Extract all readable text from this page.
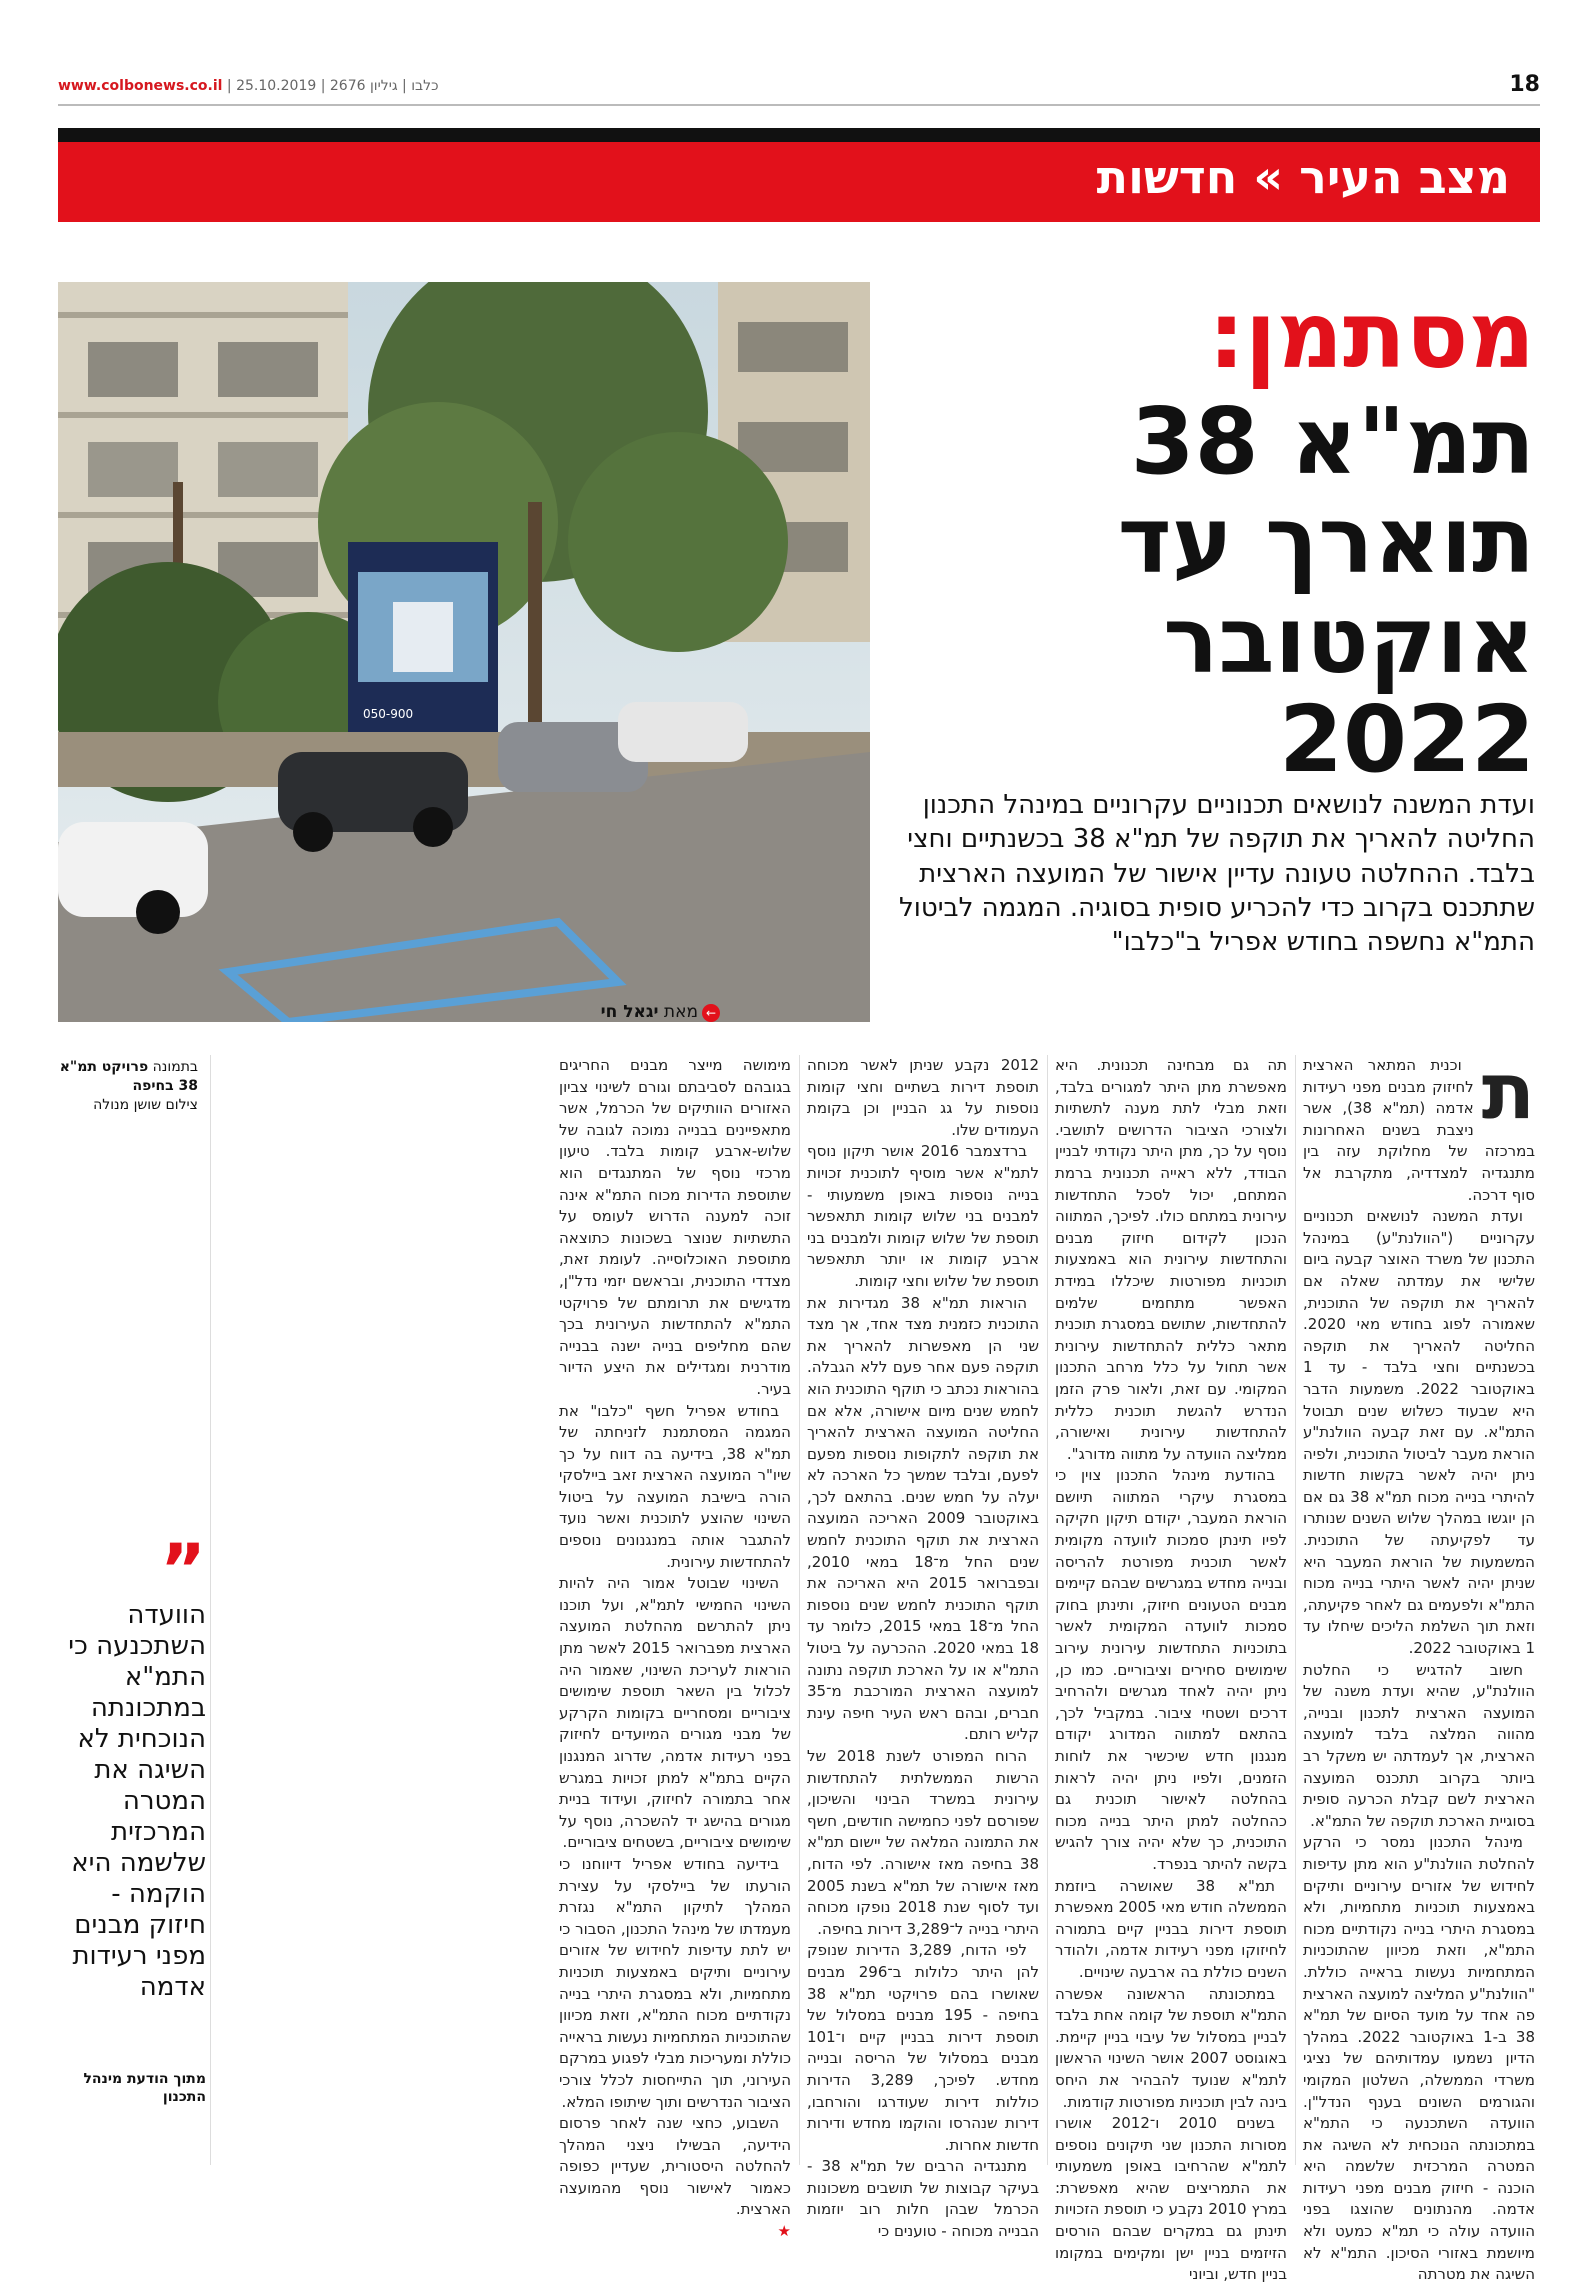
www.colbonews.co.il | כלבו | גיליון 2676 | 25.10.2019	18
מצב העיר » חדשות
050-900
מסתמן:
תמ"א 38
תוארך עד
אוקטובר
2022
ועדת המשנה לנושאים תכנוניים עקרוניים במינהל התכנון החליטה להאריך את תוקפה של תמ"א 38 בכשנתיים וחצי בלבד. ההחלטה טעונה עדיין אישור של המועצה הארצית שתתכנס בקרוב כדי להכריע סופית בסוגיה. המגמה לביטול התמ"א נחשפה בחודש אפריל ב"כלבו"
←מאת יגאל חי
ת

וכנית המתאר הארצית לחיזוק מבנים מפני רעידות אדמה (תמ"א 38), אשר ניצבת בשנים האחרונות במרכזה של מחלוקת עזה בין מתנגדיה למצדדיה, מתקרבת אל סוף דרכה.

ועדת המשנה לנושאים תכנוניים עקרוניים ("הוולנת"ע) במינהל התכנון של משרד האוצר קבעה ביום שלישי את עמדתה שאלה אם להאריך את תוקפה של התוכנית, שאמורה לפוג בחודש מאי 2020. החליטה להאריך את תוקפה בכשנתיים וחצי בלבד - עד 1 באוקטובר 2022. משמעות הדבר היא שבעוד כשלוש שנים תבוטל התמ"א. עם זאת קבעה הוולנת"ע הוראת מעבר לביטול התוכנית, ולפיה ניתן יהיה לאשר בקשות חדשות להיתרי בנייה מכוח תמ"א 38 גם אם הן יוגשו במהלך שלוש השנים שנותרו עד לפקיעתה של התוכנית. המשמעות של הוראת המעבר היא שניתן יהיה לאשר היתרי בנייה מכוח התמ"א ולפעמים גם לאחר פקיעתה, וזאת תוך השלמת הליכים שיחלו עד 1 באוקטובר 2022.

חשוב להדגיש כי החלטת הוולנת"ע, שהיא ועדת משנה של המועצה הארצית לתכנון ובנייה, מהווה המלצה בלבד למועצה הארצית, אך לעמדתה יש משקל רב ביותר בקרוב תתכנס המועצה הארצית לשם קבלת הכרעה סופית בסוגיית הארכת תוקפה של התמ"א.

מינהל התכנון נמסר כי הרקע להחלטת הוולנת"ע הוא מתן עדיפות לחידוש של אזורים עירוניים ותיקים באמצעות תוכניות מתחמיות, ולא במסגרת היתרי בנייה נקודתיים מכוח התמ"א, וזאת מכיוון שהתוכניות המתחמיות נעשות בראייה כוללת. "הוולנת"ע המליצה למועצה הארצית פה אחד על מועד הסיום של תמ"א 38 ב-1 באוקטובר 2022. במהלך הדיון נשמעו עמדותיהם של נציגי משרדי הממשלה, השלטון המקומי והגורמים השונים בענף הנדל"ן. הוועדה השתכנעה כי התמ"א במתכונתה הנוכחית לא השיגה את המטרה המרכזית שלשמה היא הוכנה - חיזוק מבנים מפני רעידות אדמה. מהנתונים שהוצגו בפני הוועדה עולה כי תמ"א כמעט ולא מיושמת באזורי הסיכון. התמ"א לא השיגה את מטרתה

תה גם מבחינה תכנונית. היא מאפשרת מתן היתר למגורים בלבד, וזאת מבלי לתת מענה לתשתיות ולצורכי הציבור הדרושים לתושבי. נוסף על כך, מתן היתר נקודתי לבניין הבודד, ללא ראייה תכנונית ברמת המתחם, יכול לסכל התחדשות עירונית במתחם כולו. לפיכך, המתווה הנכון לקידום חיזוק מבנים והתחדשות עירונית הוא באמצעות תוכניות מפורטות שיכללו במידת האפשר מתחמים שלמים להתחדשות, שתושם במסגרת תוכנית מתאר כללית להתחדשות עירונית אשר תחול על כלל מרחב התכנון המקומי. עם זאת, ולאור פרק הזמן הנדרש להגשת תוכנית כללית להתחדשות עירונית ואישורה, ממליצה הוועדה על מתווה מדורג".

בהודעת מינהל התכנון צוין כי במסגרת עיקרי המתווה תיושם הוראת המעבר, יקודם תיקון חקיקה לפיו תינתן סמכות לוועדה מקומית לאשר תוכנית מפורטת להריסה ובנייה מחדש במגרשים שבהם קיימים מבנים הטעונים חיזוק, ותינתן בחוק סמכות לוועדה המקומית לאשר בתוכניות התחדשות עירונית עירוב שימושים סחירים וציבוריים. כמו כן, ניתן יהיה לאחד מגרשים ולהרחיב דרכים ושטחי ציבור. במקביל לכך, בהתאם למתווה המדורג יקודם מנגנון חדש שיכשיר את לוחות הזמנים, ולפיו ניתן יהיה לראות בהחלטה לאישור תוכנית גם כהחלטה למתן היתר בנייה מכוח התוכנית, כך שלא יהיה צורך להגיש בקשה להיתר בנפרד.

תמ"א 38 שאושרה ביוזמת הממשלה חודש מאי 2005 מאפשרת תוספת דירות בבניין קיים בתמורה לחיזוקו מפני רעידות אדמה, ולהודר השנים כוללת בה ארבעה שינויים.

במתכונתה הראשונה אפשרה התמ"א תוספת של קומה אחת בלבד לבניין במסלול של עיבוי בניין קיימת. באוגוסט 2007 אושר השינוי הראשון לתמ"א שנועד להבהיר את היחס בינה לבין תוכניות מפורטות קודמות.

בשנים 2010 ו־2012 אושרו מסורות התכנון שני תיקונים נוספים לתמ"א שהרחיבו באופן משמעותי את התמריצים שהיא מאפשרת: במרץ 2010 נקבע כי תוספת הזכויות תינתן גם במקרים שבהם הורסים הזיזמים בניין ישן ומקימים במקומו בניין חדש, וביוני

2012 נקבע שניתן לאשר מכוחה תוספת דירות בשתיים וחצי קומות נוספות על גג הבניין וכן בקומת העמודים שלו.

ברדצמבר 2016 אושר תיקון נוסף לתמ"א אשר מוסיף לתוכנית זכויות בנייה נוספות באופן משמעותי - למבנים בני שלוש קומות תתאפשר תוספת של שלוש קומות ולמבנים בני ארבע קומות או יותר תתאפשר תוספת של שלוש וחצי קומות.

הוראות תמ"א 38 מגדירות את התוכנית כזמנית מצד אחד, אך מצד שני הן מאפשרות להאריך את תוקפה פעם אחר פעם ללא הגבלה. בהוראות נכתב כי תוקף התוכנית הוא לחמש שנים מיום אישורה, אלא אם החליטה המועצה הארצית להאריך את תוקפה לתקופות נוספות מפעם לפעם, ובלבד שמשך כל הארכה לא יעלה על חמש שנים. בהתאם לכך, באוקטובר 2009 האריכה המועצה הארצית את תוקף התוכנית לחמש שנים החל מ־18 במאי 2010, ובפברואר 2015 היא האריכה את תוקף התוכנית לחמש שנים נוספות החל מ־18 במאי 2015, כלומר עד 18 במאי 2020. ההכרעה על ביטול התמ"א או על הארכת תוקפה נתונה למועצה הארצית המורכבת מ־35 חברים, ובהם ראש העיר חיפה עינת קליש רותם.

הרוח המפורט לשנת 2018 של הרשות הממשלתית להתחדשות עירונית במשרד הבינוי והשיכון, שפורסם לפני כחמישה חודשים, חשף את התמונה המלאה של יישום תמ"א 38 בחיפה מאז אישורה. לפי הדוח, מאז אישורה של תמ"א בשנת 2005 ועד לסוף שנת 2018 נופקו מכוחה היתרי בנייה ל־3,289 דירות בחיפה.

לפי הדוח, 3,289 הדירות שנופק להן היתר כלולות ב־296 מבנים שאושרו בהם פרויקטי תמ"א 38 בחיפה - 195 מבנים במסלול של תוספת דירות בבניין קיים ו־101 מבנים במסלול של הריסה ובנייה מחדש. לפיכך, 3,289 הדירות כוללות דירות שעודרגו והורחבו, דירות שנהרסו והוקמו מחדש ודירות חדשות אחרות.

מתנגדיה הרבים של תמ"א 38 - בעיקר קבוצות של תושבים משכונות הכרמל שבהן חלות רוב יוזמות הבנייה מכוחה - טוענים כי

מימושה מייצר מבנים החריגים בגובהם לסביבתם וגורם לשינוי צביון האזורים הוותיקים של הכרמל, אשר מתאפיינים בבנייה נמוכה לגובה של שלוש-ארבע קומות בלבד. טיעון מרכזי נוסף של המתנגדים הוא שתוספת הדירות מכוח התמ"א אינה זוכה למענה הדרוש לעומס על התשתיות שנוצר בשכונות כתוצאה מתוספת האוכלוסייה. לעומת זאת, מצדדי התוכנית, ובראשם יזמי נדל"ן, מדגישים את תרומתם של פרויקטי התמ"א להתחדשות העירונית בכך שהם מחליפים בנייה ישנה בבנייה מודרנית ומגדילים את היצע הדיור בעיר.

בחודש אפריל חשף "כלבו" את המגמה המסתמנת לזניחתה של תמ"א 38, בידיעה בה דווח על כך שיו"ר המועצה הארצית זאב ביילסקי הורה בישיבת המועצה על ביטול השינוי שהוצע לתוכנית ואשר נועד להתגבר אותה במנגנונים נוספים להתחדשות עירונית.

השינוי שבוטל אמור היה להיות השינוי החמישי לתמ"א, ועל תוכנו ניתן להתרשם מהחלטת המועצה הארצית מפברואר 2015 לאשר מתן הוראות לעריכת השינוי, שאמור היה לכלול בין השאר תוספת שימושים ציבוריים ומסחריים בקומות הקרקע של מבני מגורים המיועדים לחיזוק בפני רעידות אדמה, שדרוג המנגנון הקיים בתמ"א למתן זכויות במגרש אחר בתמורה לחיזוק, ועידוד בניית מגורים בהישג יד להשכרה, נוסף על שימושים ציבוריים, בשטחים ציבוריים.

בידיעה בחודש אפריל דיווחנו כי הורעתו של ביילסקי על עצירת המהלך לתיקון התמ"א נגזרת מעמדתו של מינהל התכנון, הסבור כי יש לתת עדיפות לחידוש של אזורים עירוניים ותיקים באמצעות תוכניות מתחמיות, ולא במסגרת היתרי בנייה נקודתיים מכוח התמ"א, וזאת מכיוון שהתוכניות המתחמיות נעשות בראייה כוללת ומעריכות מבלי לפגוע במרקם העירוני, תוך התייחסות לכלל צורכי הציבור הנדרשים ותוך שיתופו המלא.

השבוע, כחצי שנה לאחר פרסום הידיעה, הבשילו ניצני המהלך להחלטה היסטורית, שעדיין כפופה כאמור לאישור נוסף מהמועצה הארצית.

★
בתמונה פרויקט תמ"א 38 בחיפה
צילום שושן מנולה
”
הוועדה השתכנעה כי התמ"א במתכונתה הנוכחית לא השיגה את המטרה המרכזית שלשמה היא הוקמה - חיזוק מבנים מפני רעידות אדמה
מתוך הודעת מינהל התכנון
